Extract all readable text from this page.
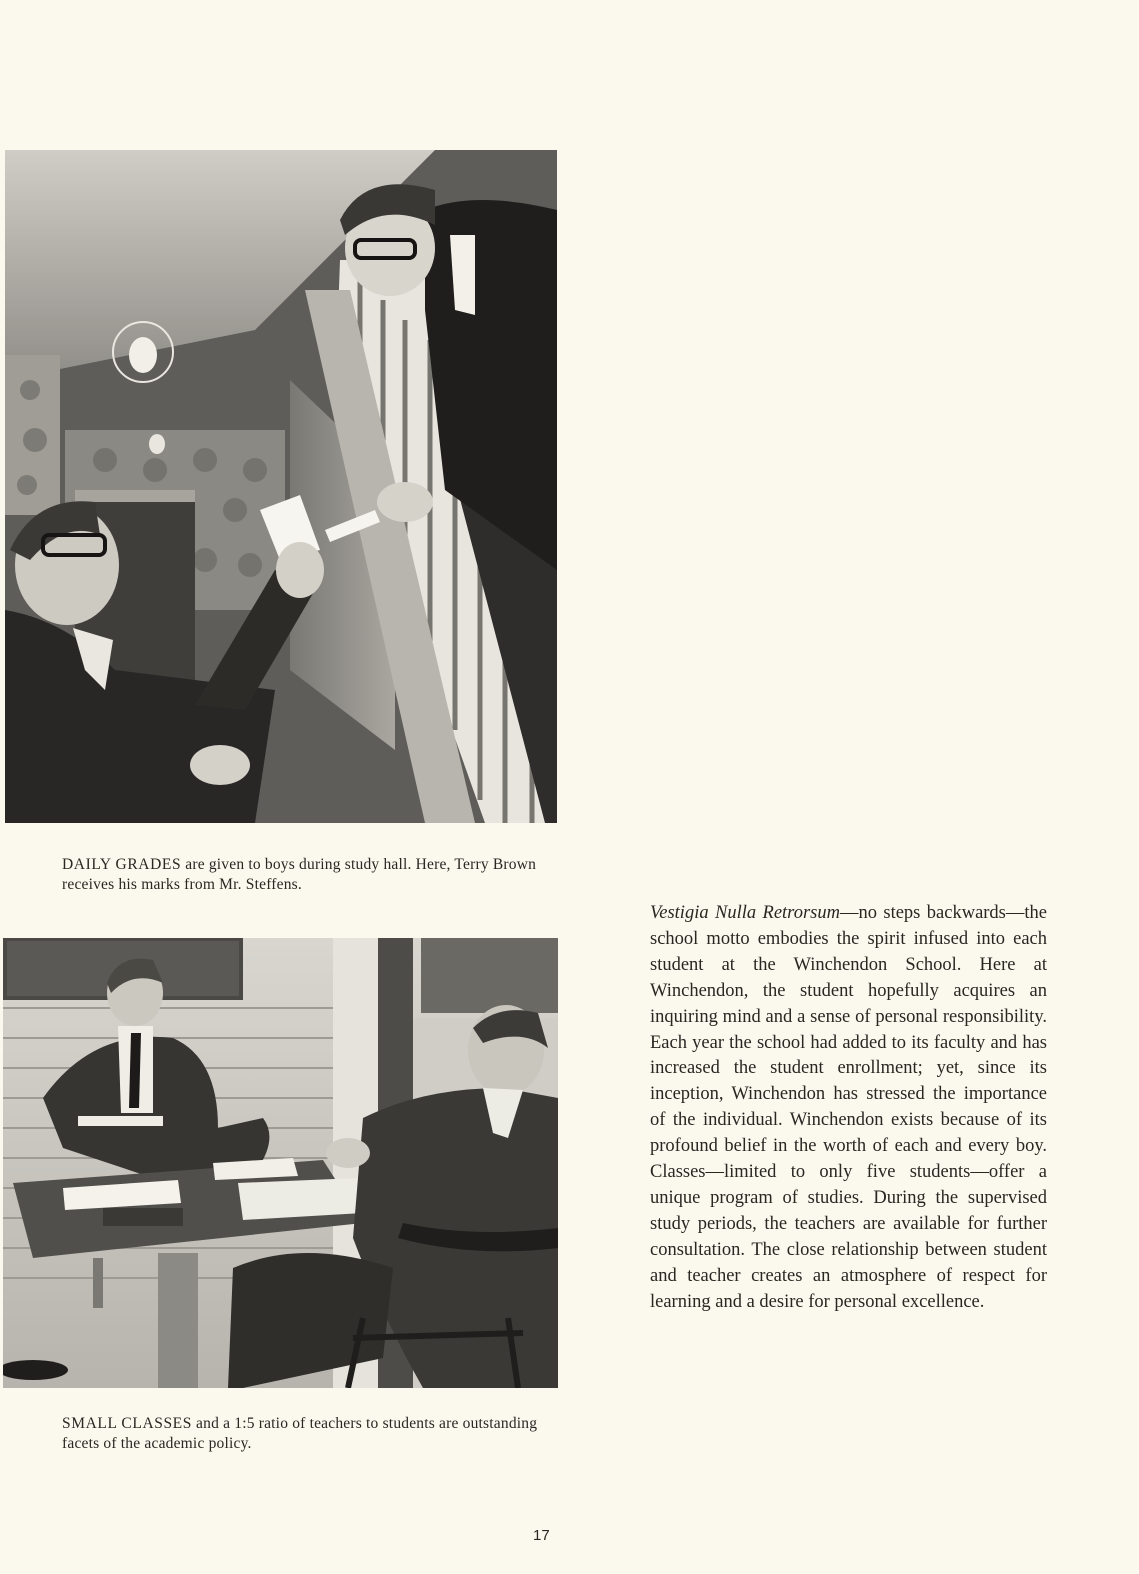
DAILY GRADES are given to boys during study hall. Here, Terry Brown receives his marks from Mr. Steffens.

SMALL CLASSES and a 1:5 ratio of teachers to students are outstanding facets of the academic policy.

Vestigia Nulla Retrorsum—no steps backwards—the school motto embodies the spirit infused into each student at the Winchendon School. Here at Winchendon, the student hopefully acquires an inquiring mind and a sense of personal responsibility. Each year the school had added to its faculty and has increased the student enrollment; yet, since its inception, Winchendon has stressed the importance of the individual. Winchendon exists because of its profound belief in the worth of each and every boy. Classes—limited to only five students—offer a unique program of studies. During the supervised study periods, the teachers are available for further consultation. The close relationship between student and teacher creates an atmosphere of respect for learning and a desire for personal excellence.

17
